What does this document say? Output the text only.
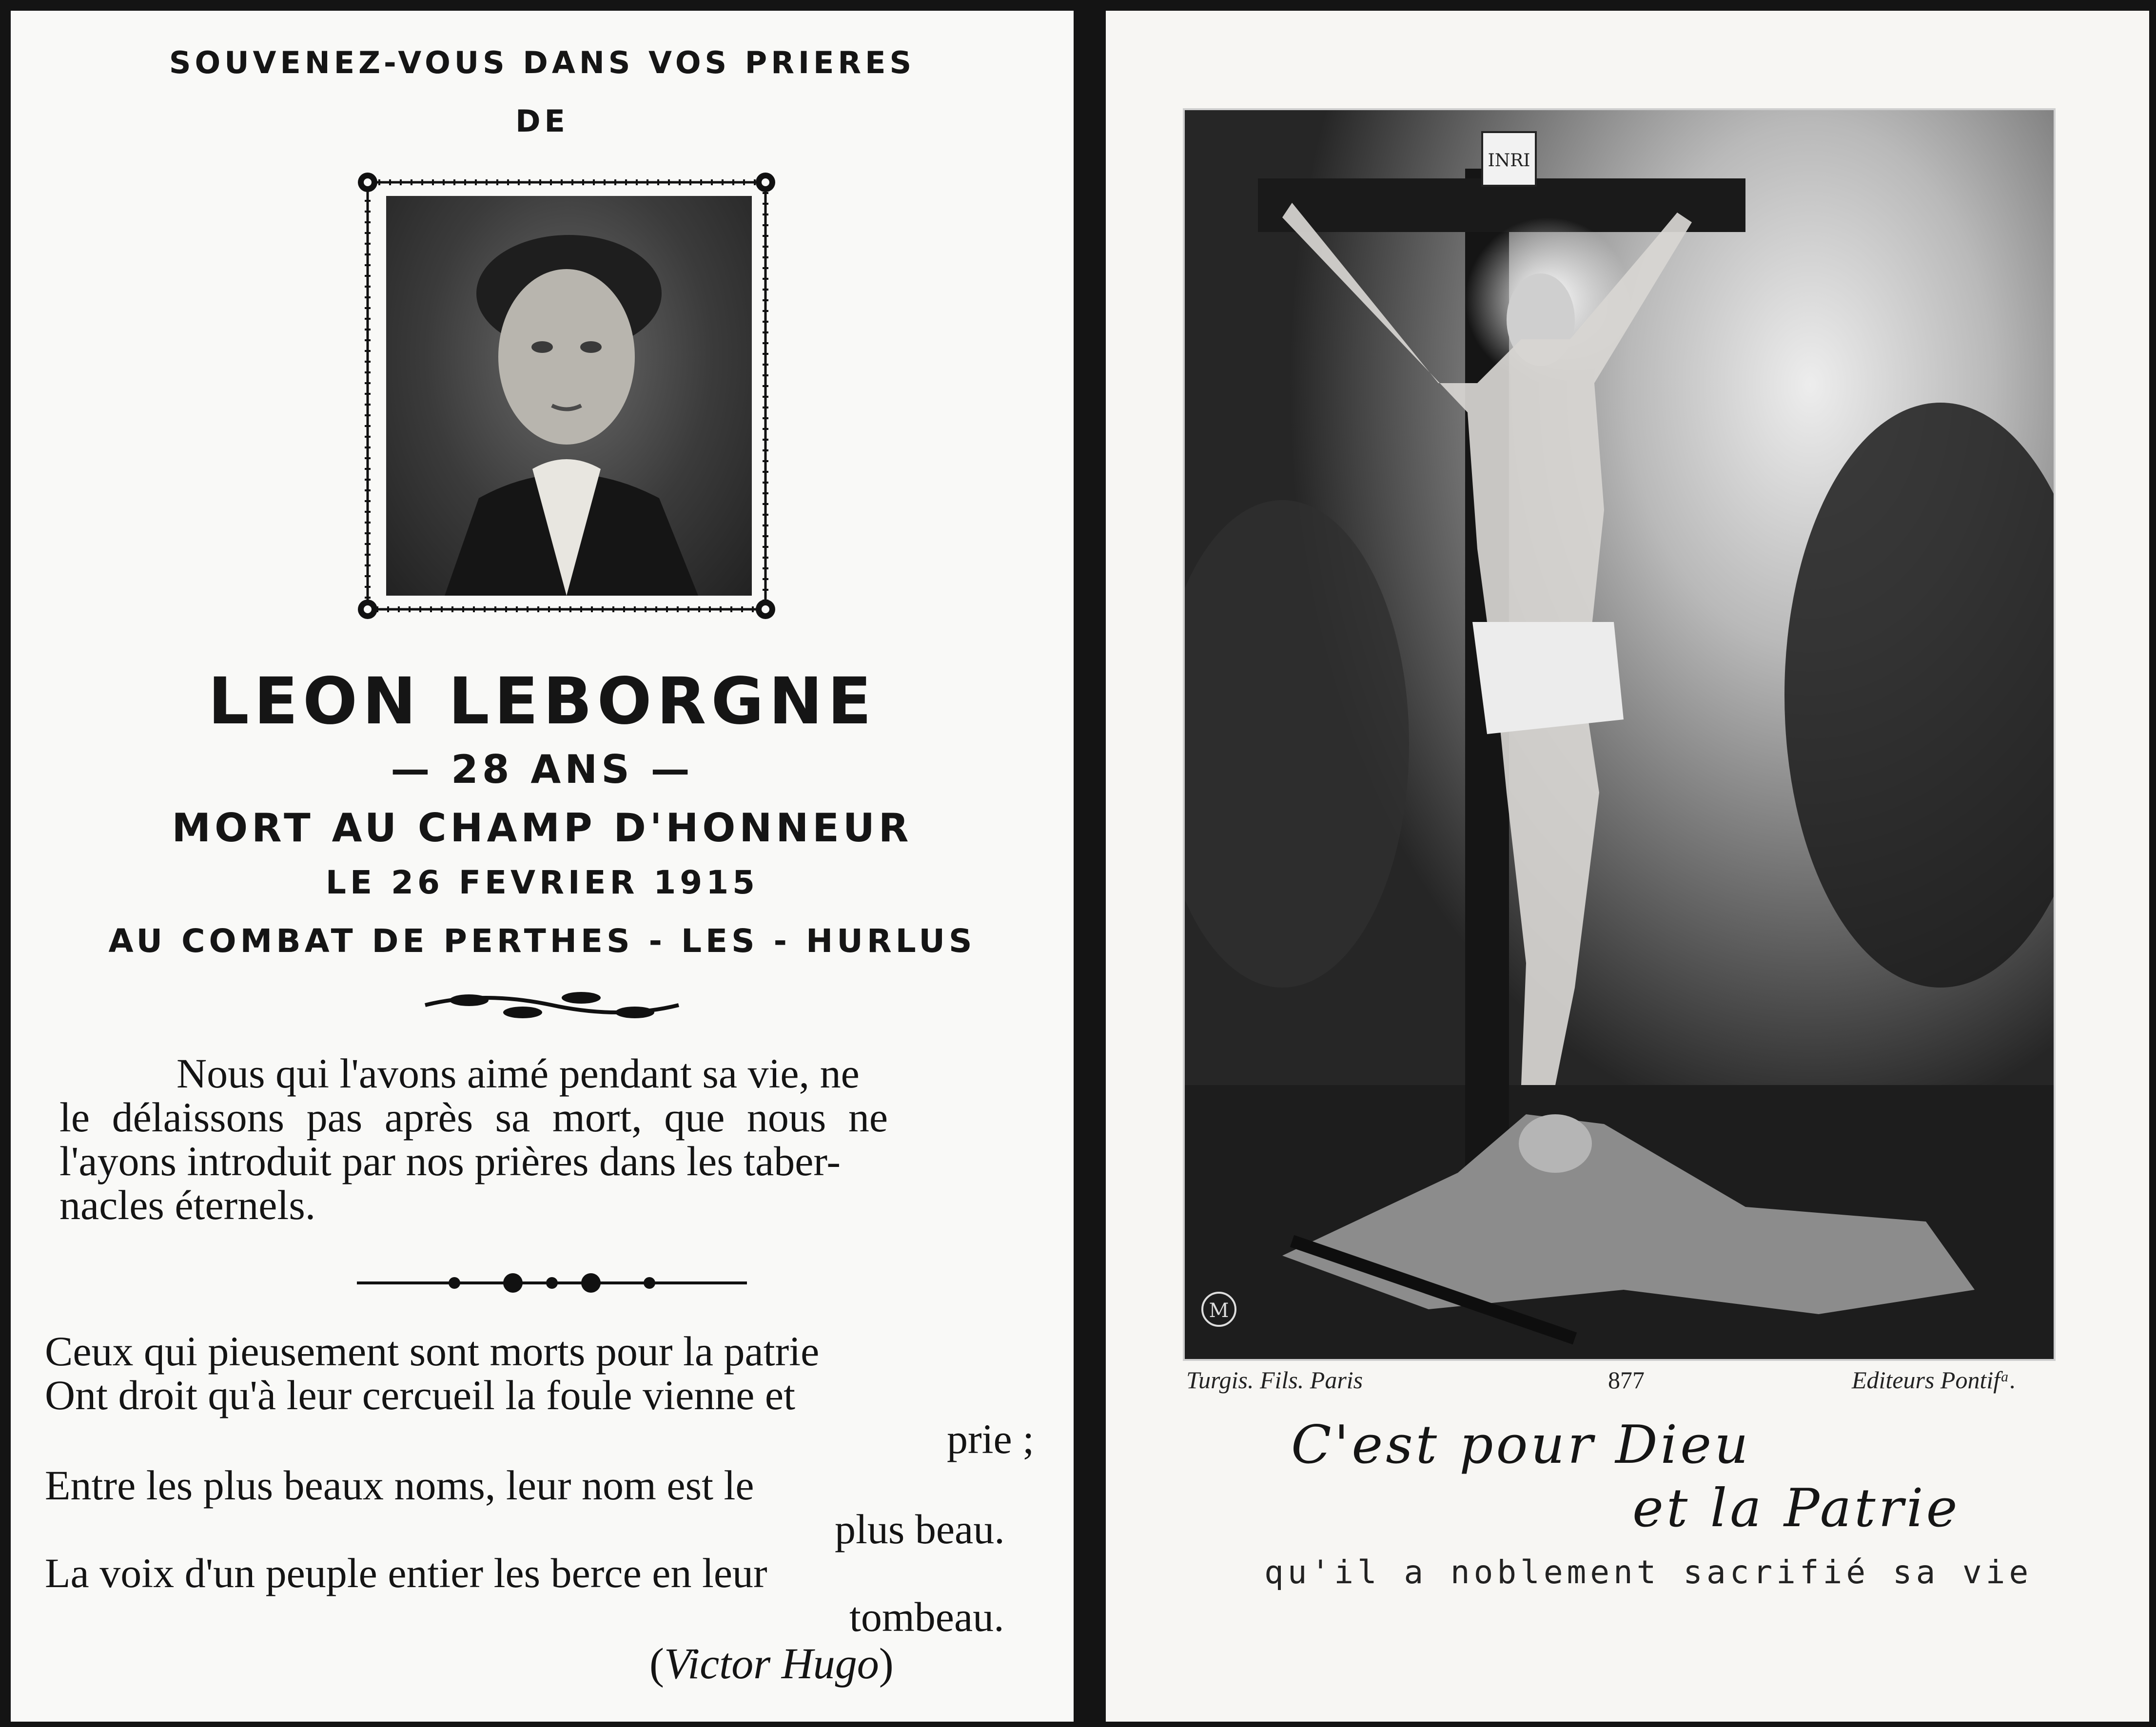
SOUVENEZ-VOUS DANS VOS PRIERES
DE
LEON LEBORGNE
— 28 ANS —
MORT AU CHAMP D'HONNEUR
LE 26 FEVRIER 1915
AU COMBAT DE PERTHES - LES - HURLUS

Nous qui l'avons aimé pendant sa vie, ne

le délaissons pas après sa mort, que nous ne

l'ayons introduit par nos prières dans les taber-

nacles éternels.

Ceux qui pieusement sont morts pour la patrie

Ont droit qu'à leur cercueil la foule vienne et

prie ;

Entre les plus beaux noms, leur nom est le

plus beau.

La voix d'un peuple entier les berce en leur

tombeau.

(Victor Hugo)

INRI
M
Turgis. Fils. Paris	877	Editeurs Pontifᵃ.
C'est pour Dieu
et la Patrie
qu'il a noblement sacrifié sa vie
